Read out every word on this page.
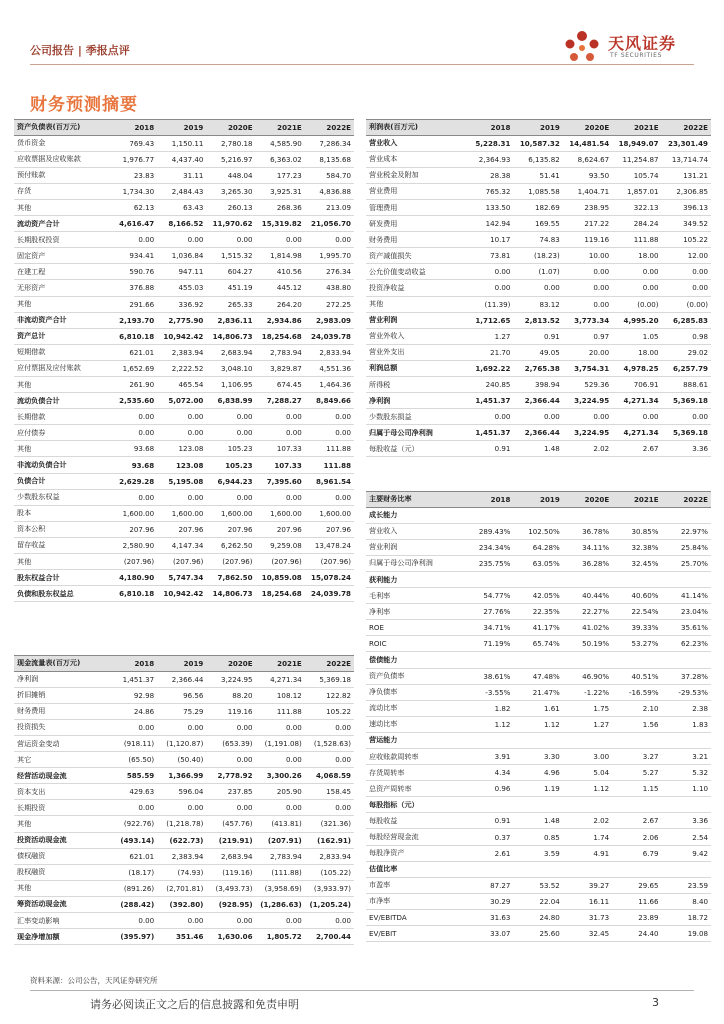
公司报告 | 季报点评	天风证券
TF SECURITIES
财务预测摘要
资产负债表(百万元)	2018	2019	2020E	2021E	2022E
货币资金	769.43	1,150.11	2,780.18	4,585.90	7,286.34
应收票据及应收账款	1,976.77	4,437.40	5,216.97	6,363.02	8,135.68
预付账款	23.83	31.11	448.04	177.23	584.70
存货	1,734.30	2,484.43	3,265.30	3,925.31	4,836.88
其他	62.13	63.43	260.13	268.36	213.09
流动资产合计	4,616.47	8,166.52	11,970.62	15,319.82	21,056.70
长期股权投资	0.00	0.00	0.00	0.00	0.00
固定资产	934.41	1,036.84	1,515.32	1,814.98	1,995.70
在建工程	590.76	947.11	604.27	410.56	276.34
无形资产	376.88	455.03	451.19	445.12	438.80
其他	291.66	336.92	265.33	264.20	272.25
非流动资产合计	2,193.70	2,775.90	2,836.11	2,934.86	2,983.09
资产总计	6,810.18	10,942.42	14,806.73	18,254.68	24,039.78
短期借款	621.01	2,383.94	2,683.94	2,783.94	2,833.94
应付票据及应付账款	1,652.69	2,222.52	3,048.10	3,829.87	4,551.36
其他	261.90	465.54	1,106.95	674.45	1,464.36
流动负债合计	2,535.60	5,072.00	6,838.99	7,288.27	8,849.66
长期借款	0.00	0.00	0.00	0.00	0.00
应付债券	0.00	0.00	0.00	0.00	0.00
其他	93.68	123.08	105.23	107.33	111.88
非流动负债合计	93.68	123.08	105.23	107.33	111.88
负债合计	2,629.28	5,195.08	6,944.23	7,395.60	8,961.54
少数股东权益	0.00	0.00	0.00	0.00	0.00
股本	1,600.00	1,600.00	1,600.00	1,600.00	1,600.00
资本公积	207.96	207.96	207.96	207.96	207.96
留存收益	2,580.90	4,147.34	6,262.50	9,259.08	13,478.24
其他	(207.96)	(207.96)	(207.96)	(207.96)	(207.96)
股东权益合计	4,180.90	5,747.34	7,862.50	10,859.08	15,078.24
负债和股东权益总	6,810.18	10,942.42	14,806.73	18,254.68	24,039.78
利润表(百万元)	2018	2019	2020E	2021E	2022E
营业收入	5,228.31	10,587.32	14,481.54	18,949.07	23,301.49
营业成本	2,364.93	6,135.82	8,624.67	11,254.87	13,714.74
营业税金及附加	28.38	51.41	93.50	105.74	131.21
营业费用	765.32	1,085.58	1,404.71	1,857.01	2,306.85
管理费用	133.50	182.69	238.95	322.13	396.13
研发费用	142.94	169.55	217.22	284.24	349.52
财务费用	10.17	74.83	119.16	111.88	105.22
资产减值损失	73.81	(18.23)	10.00	18.00	12.00
公允价值变动收益	0.00	(1.07)	0.00	0.00	0.00
投资净收益	0.00	0.00	0.00	0.00	0.00
其他	(11.39)	83.12	0.00	(0.00)	(0.00)
营业利润	1,712.65	2,813.52	3,773.34	4,995.20	6,285.83
营业外收入	1.27	0.91	0.97	1.05	0.98
营业外支出	21.70	49.05	20.00	18.00	29.02
利润总额	1,692.22	2,765.38	3,754.31	4,978.25	6,257.79
所得税	240.85	398.94	529.36	706.91	888.61
净利润	1,451.37	2,366.44	3,224.95	4,271.34	5,369.18
少数股东损益	0.00	0.00	0.00	0.00	0.00
归属于母公司净利润	1,451.37	2,366.44	3,224.95	4,271.34	5,369.18
每股收益（元）	0.91	1.48	2.02	2.67	3.36
主要财务比率	2018	2019	2020E	2021E	2022E
成长能力					
营业收入	289.43%	102.50%	36.78%	30.85%	22.97%
营业利润	234.34%	64.28%	34.11%	32.38%	25.84%
归属于母公司净利润	235.75%	63.05%	36.28%	32.45%	25.70%
获利能力					
毛利率	54.77%	42.05%	40.44%	40.60%	41.14%
净利率	27.76%	22.35%	22.27%	22.54%	23.04%
ROE	34.71%	41.17%	41.02%	39.33%	35.61%
ROIC	71.19%	65.74%	50.19%	53.27%	62.23%
偿债能力					
资产负债率	38.61%	47.48%	46.90%	40.51%	37.28%
净负债率	-3.55%	21.47%	-1.22%	-16.59%	-29.53%
流动比率	1.82	1.61	1.75	2.10	2.38
速动比率	1.12	1.12	1.27	1.56	1.83
营运能力					
应收账款周转率	3.91	3.30	3.00	3.27	3.21
存货周转率	4.34	4.96	5.04	5.27	5.32
总资产周转率	0.96	1.19	1.12	1.15	1.10
每股指标（元）					
每股收益	0.91	1.48	2.02	2.67	3.36
每股经营现金流	0.37	0.85	1.74	2.06	2.54
每股净资产	2.61	3.59	4.91	6.79	9.42
估值比率					
市盈率	87.27	53.52	39.27	29.65	23.59
市净率	30.29	22.04	16.11	11.66	8.40
EV/EBITDA	31.63	24.80	31.73	23.89	18.72
EV/EBIT	33.07	25.60	32.45	24.40	19.08
现金流量表(百万元)	2018	2019	2020E	2021E	2022E
净利润	1,451.37	2,366.44	3,224.95	4,271.34	5,369.18
折旧摊销	92.98	96.56	88.20	108.12	122.82
财务费用	24.86	75.29	119.16	111.88	105.22
投资损失	0.00	0.00	0.00	0.00	0.00
营运资金变动	(918.11)	(1,120.87)	(653.39)	(1,191.08)	(1,528.63)
其它	(65.50)	(50.40)	0.00	0.00	0.00
经营活动现金流	585.59	1,366.99	2,778.92	3,300.26	4,068.59
资本支出	429.63	596.04	237.85	205.90	158.45
长期投资	0.00	0.00	0.00	0.00	0.00
其他	(922.76)	(1,218.78)	(457.76)	(413.81)	(321.36)
投资活动现金流	(493.14)	(622.73)	(219.91)	(207.91)	(162.91)
债权融资	621.01	2,383.94	2,683.94	2,783.94	2,833.94
股权融资	(18.17)	(74.93)	(119.16)	(111.88)	(105.22)
其他	(891.26)	(2,701.81)	(3,493.73)	(3,958.69)	(3,933.97)
筹资活动现金流	(288.42)	(392.80)	(928.95)	(1,286.63)	(1,205.24)
汇率变动影响	0.00	0.00	0.00	0.00	0.00
现金净增加额	(395.97)	351.46	1,630.06	1,805.72	2,700.44
资料来源：公司公告，天风证券研究所
请务必阅读正文之后的信息披露和免责申明	3
